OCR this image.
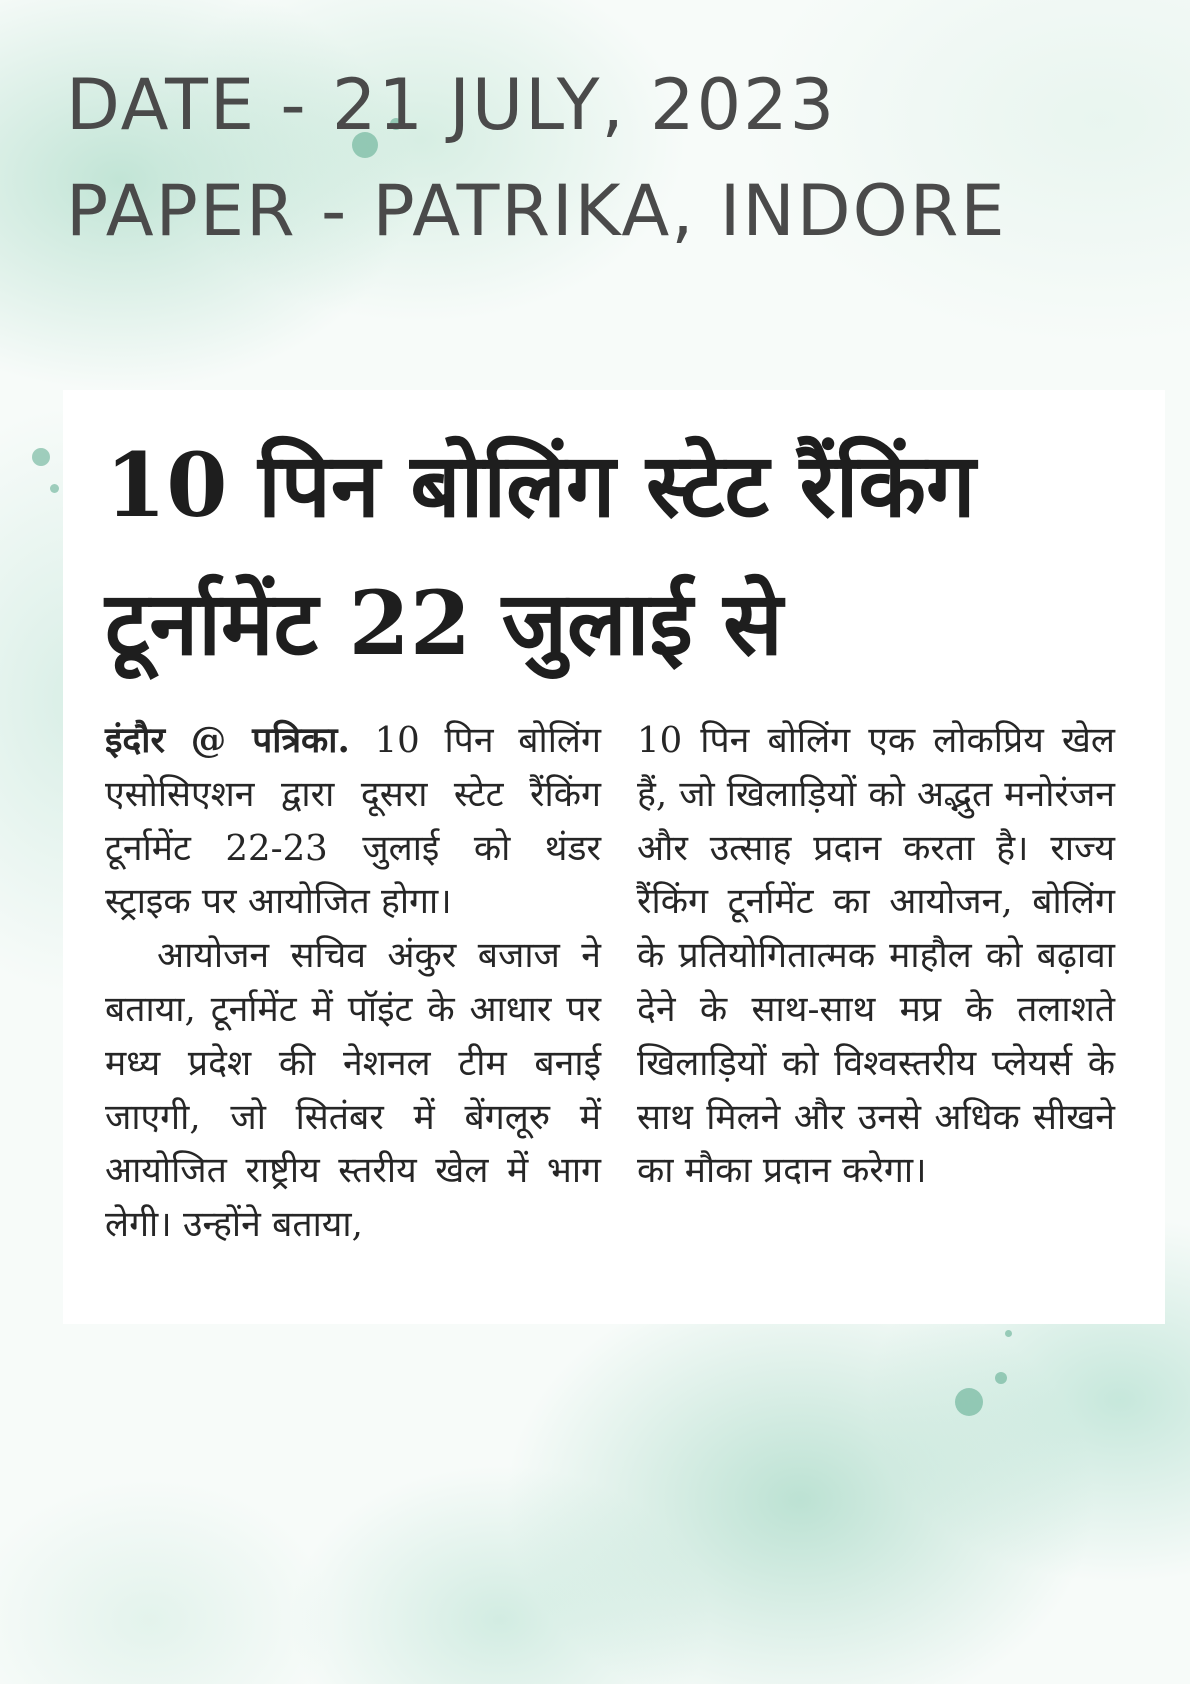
DATE - 21 JULY, 2023
PAPER - PATRIKA, INDORE
10 पिन बोलिंग स्टेट रैंकिंग
टूर्नामेंट 22 जुलाई से

इंदौर @ पत्रिका. 10 पिन बोलिंग एसोसिएशन द्वारा दूसरा स्टेट रैंकिंग टूर्नामेंट 22-23 जुलाई को थंडर स्ट्राइक पर आयोजित होगा।

आयोजन सचिव अंकुर बजाज ने बताया, टूर्नामेंट में पॉइंट के आधार पर मध्य प्रदेश की नेशनल टीम बनाई जाएगी, जो सितंबर में बेंगलूरु में आयोजित राष्ट्रीय स्तरीय खेल में भाग लेगी। उन्होंने बताया,

10 पिन बोलिंग एक लोकप्रिय खेल हैं, जो खिलाड़ियों को अद्भुत मनोरंजन और उत्साह प्रदान करता है। राज्य रैंकिंग टूर्नामेंट का आयोजन, बोलिंग के प्रतियोगितात्मक माहौल को बढ़ावा देने के साथ-साथ मप्र के तलाशते खिलाड़ियों को विश्वस्तरीय प्लेयर्स के साथ मिलने और उनसे अधिक सीखने का मौका प्रदान करेगा।
